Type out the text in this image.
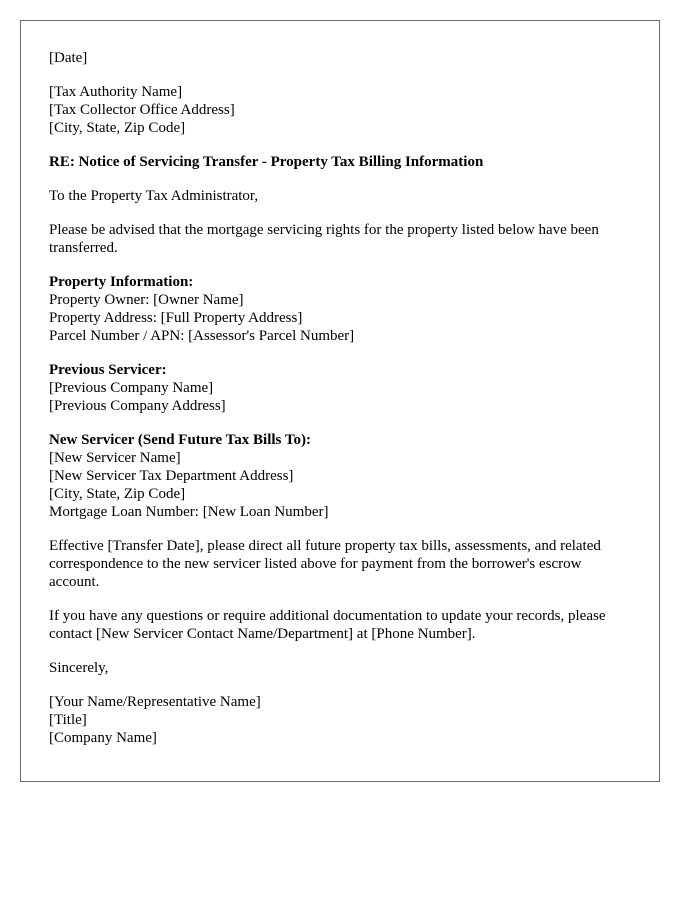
[Date]
[Tax Authority Name]
[Tax Collector Office Address]
[City, State, Zip Code]
RE: Notice of Servicing Transfer - Property Tax Billing Information
To the Property Tax Administrator,
Please be advised that the mortgage servicing rights for the property listed below have been transferred.
Property Information:
Property Owner: [Owner Name]
Property Address: [Full Property Address]
Parcel Number / APN: [Assessor's Parcel Number]
Previous Servicer:
[Previous Company Name]
[Previous Company Address]
New Servicer (Send Future Tax Bills To):
[New Servicer Name]
[New Servicer Tax Department Address]
[City, State, Zip Code]
Mortgage Loan Number: [New Loan Number]
Effective [Transfer Date], please direct all future property tax bills, assessments, and related correspondence to the new servicer listed above for payment from the borrower's escrow account.
If you have any questions or require additional documentation to update your records, please contact [New Servicer Contact Name/Department] at [Phone Number].
Sincerely,
[Your Name/Representative Name]
[Title]
[Company Name]
